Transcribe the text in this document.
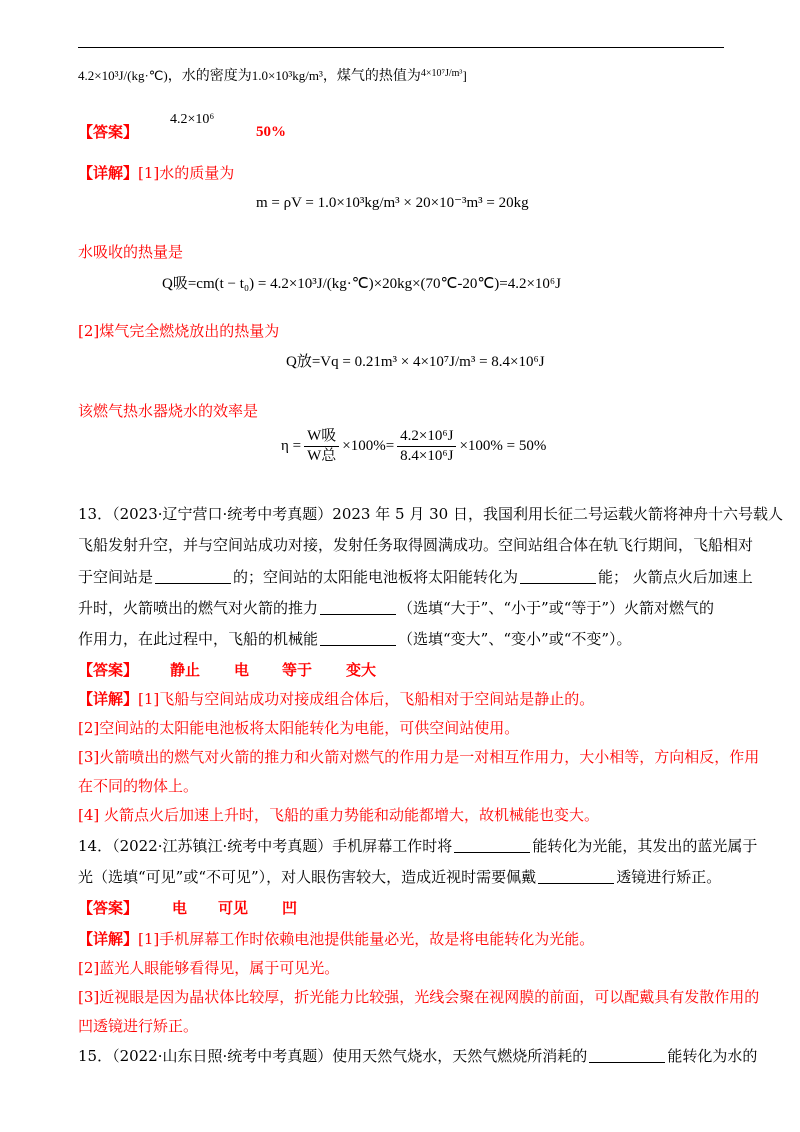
4.2×10³J/(kg·℃)，水的密度为1.0×10³kg/m³，煤气的热值为$^{4\times 10^7J/m^3}$]
【答案】
4.2×10⁶
50%
【详解】[1]水的质量为
m = ρV = 1.0×10³kg/m³ × 20×10⁻³m³ = 20kg
水吸收的热量是
Q吸=cm(t − t₀) = 4.2×10³J/(kg·℃)×20kg×(70℃-20℃)=4.2×10⁶J
[2]煤气完全燃烧放出的热量为
Q放=Vq = 0.21m³ × 4×10⁷J/m³ = 8.4×10⁶J
该燃气热水器烧水的效率是
$\eta = \frac{\text{W吸}}{\text{W总}} \times 100\%= \frac{\text{4.2×10⁶J}}{\text{8.4×10⁶J}} \times 100\% = 50\%$
13．（2023·辽宁营口·统考中考真题）2023 年 5 月 30 日，我国利用长征二号运载火箭将神舟十六号载人
飞船发射升空，并与空间站成功对接，发射任务取得圆满成功。空间站组合体在轨飞行期间，飞船相对
于空间站是	的；空间站的太阳能电池板将太阳能转化为	能； 火箭点火后加速上
升时，火箭喷出的燃气对火箭的推力	（选填“大于”、“小于”或“等于”）火箭对燃气的
作用力，在此过程中，飞船的机械能	（选填“变大”、“变小”或“不变”）。
【答案】 静止 电 等于 变大
【详解】[1]飞船与空间站成功对接成组合体后，飞船相对于空间站是静止的。
[2]空间站的太阳能电池板将太阳能转化为电能，可供空间站使用。
[3]火箭喷出的燃气对火箭的推力和火箭对燃气的作用力是一对相互作用力，大小相等，方向相反，作用
在不同的物体上。
[4] 火箭点火后加速上升时，飞船的重力势能和动能都增大，故机械能也变大。
14．（2022·江苏镇江·统考中考真题）手机屏幕工作时将	能转化为光能，其发出的蓝光属于
光（选填“可见”或“不可见”），对人眼伤害较大，造成近视时需要佩戴	透镜进行矫正。
【答案】 电 可见 凹
【详解】[1]手机屏幕工作时依赖电池提供能量必光，故是将电能转化为光能。
[2]蓝光人眼能够看得见，属于可见光。
[3]近视眼是因为晶状体比较厚，折光能力比较强，光线会聚在视网膜的前面，可以配戴具有发散作用的
凹透镜进行矫正。
15．（2022·山东日照·统考中考真题）使用天然气烧水，天然气燃烧所消耗的	能转化为水的
